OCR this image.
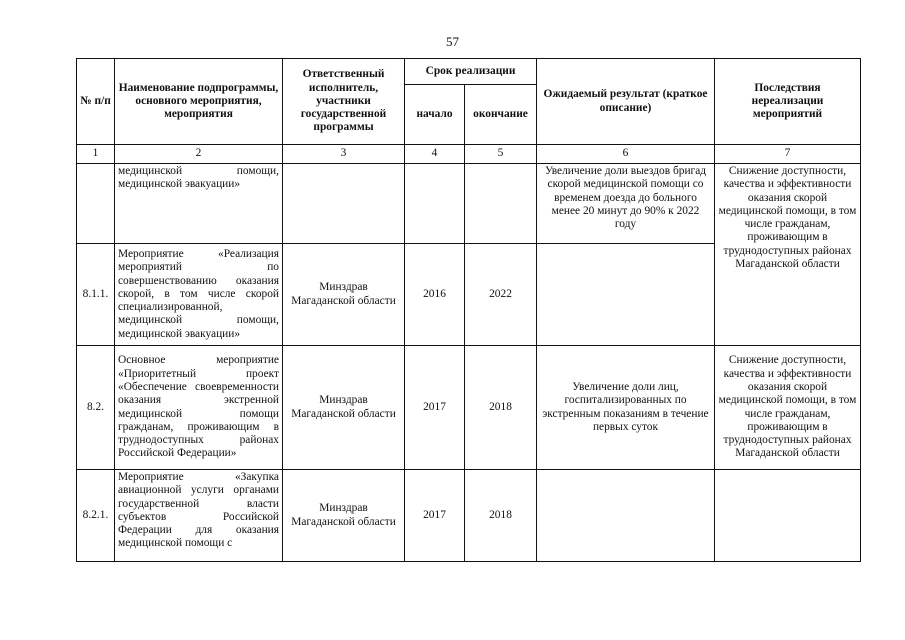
57
№ п/п	Наименование подпрограммы, основного мероприятия, мероприятия	Ответственный исполнитель, участники государственной программы	Срок реализации		Ожидаемый результат (краткое описание)	Последствия нереализации мероприятий
			начало	окончание		
1	2	3	4	5	6	7
	медицинской помощи, медицинской эвакуации»				Увеличение доли выездов бригад скорой медицинской помощи со временем доезда до больного менее 20 минут до 90% к 2022 году	Снижение доступности, качества и эффективности оказания скорой медицинской помощи, в том числе гражданам, проживающим в труднодоступных районах Магаданской области
8.1.1.	Мероприятие «Реализация мероприятий по совершенствованию оказания скорой, в том числе скорой специализированной, медицинской помощи, медицинской эвакуации»	Минздрав Магаданской области	2016	2022		
8.2.	Основное мероприятие «Приоритетный проект «Обеспечение своевременности оказания экстренной медицинской помощи гражданам, проживающим в труднодоступных районах Российской Федерации»	Минздрав Магаданской области	2017	2018	Увеличение доли лиц, госпитализированных по экстренным показаниям в течение первых суток	Снижение доступности, качества и эффективности оказания скорой медицинской помощи, в том числе гражданам, проживающим в труднодоступных районах Магаданской области
8.2.1.	Мероприятие «Закупка авиационной услуги органами государственной власти субъектов Российской Федерации для оказания медицинской помощи с	Минздрав Магаданской области	2017	2018		
